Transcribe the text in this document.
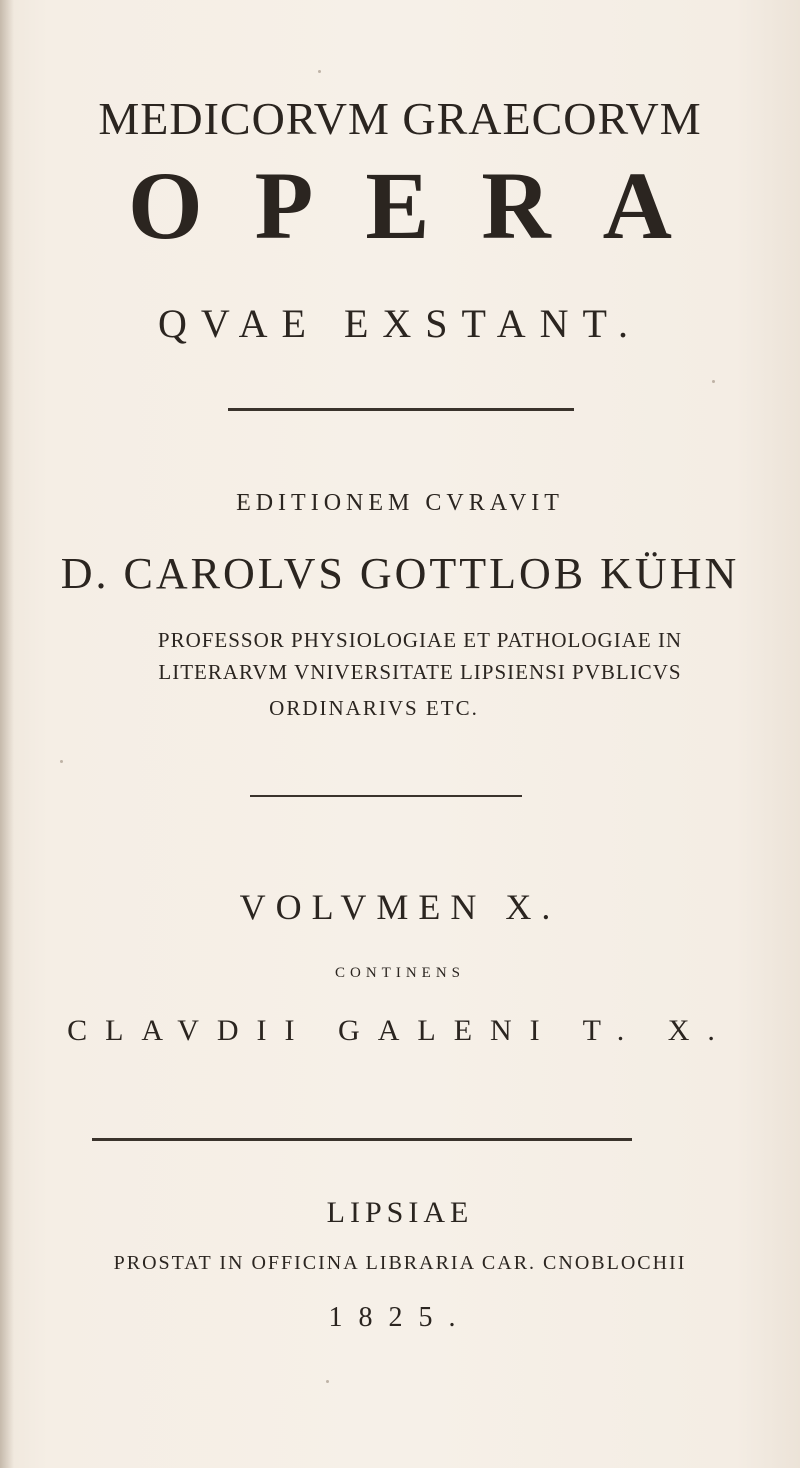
MEDICORVM GRAECORVM
OPERA
QVAE EXSTANT.
EDITIONEM CVRAVIT
D. CAROLVS GOTTLOB KÜHN
PROFESSOR PHYSIOLOGIAE ET PATHOLOGIAE IN
LITERARVM VNIVERSITATE LIPSIENSI PVBLICVS
ORDINARIVS ETC.
VOLVMEN X.
CONTINENS
CLAVDII GALENI T. X.
LIPSIAE
PROSTAT IN OFFICINA LIBRARIA CAR. CNOBLOCHII
1825.
